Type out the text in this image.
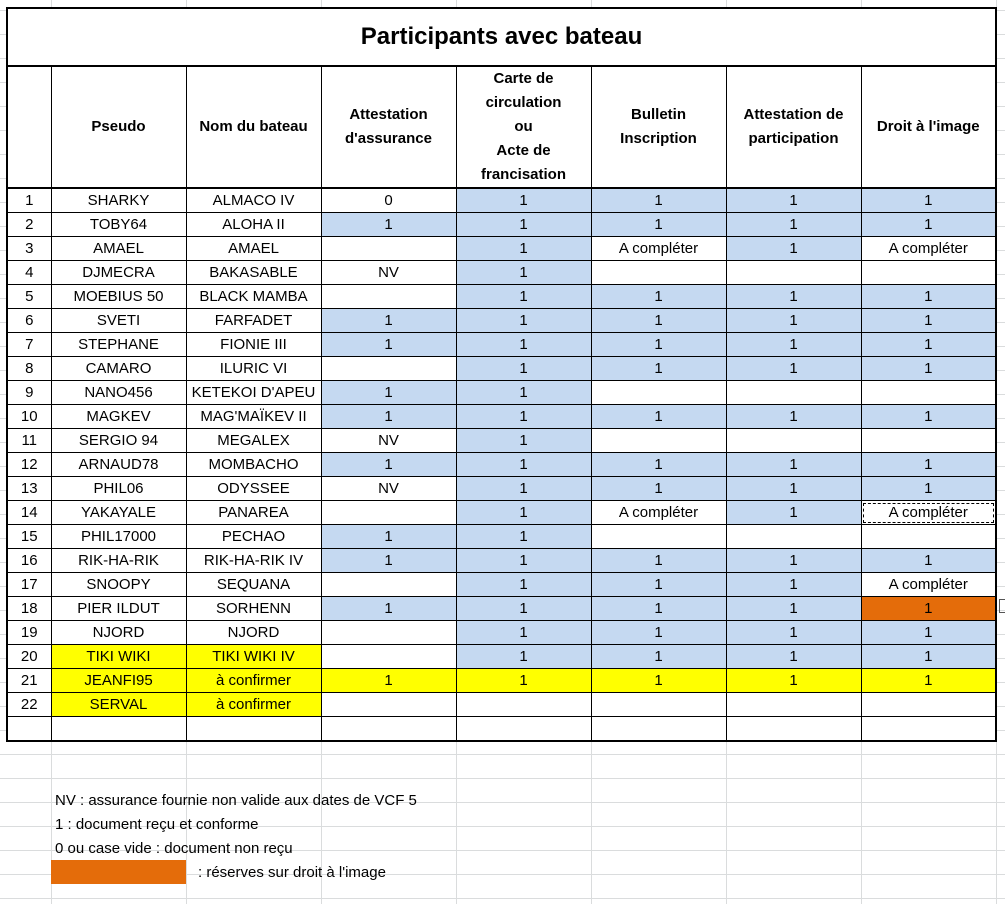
Participants avec bateau							

	Pseudo	Nom du bateau	Attestation
d'assurance	Carte de
circulation
ou
Acte de
francisation	Bulletin
Inscription	Attestation de
participation	Droit à l'image

1	SHARKY	ALMACO IV	0	1	1	1	1
2	TOBY64	ALOHA II	1	1	1	1	1
3	AMAEL	AMAEL		1	A compléter	1	A compléter
4	DJMECRA	BAKASABLE	NV	1			
5	MOEBIUS 50	BLACK MAMBA		1	1	1	1
6	SVETI	FARFADET	1	1	1	1	1
7	STEPHANE	FIONIE III	1	1	1	1	1
8	CAMARO	ILURIC VI		1	1	1	1
9	NANO456	KETEKOI D'APEU	1	1			
10	MAGKEV	MAG'MAÏKEV II	1	1	1	1	1
11	SERGIO 94	MEGALEX	NV	1			
12	ARNAUD78	MOMBACHO	1	1	1	1	1
13	PHIL06	ODYSSEE	NV	1	1	1	1
14	YAKAYALE	PANAREA		1	A compléter	1	A compléter
15	PHIL17000	PECHAO	1	1			
16	RIK-HA-RIK	RIK-HA-RIK IV	1	1	1	1	1
17	SNOOPY	SEQUANA		1	1	1	A compléter
18	PIER ILDUT	SORHENN	1	1	1	1	1
19	NJORD	NJORD		1	1	1	1
20	TIKI WIKI	TIKI WIKI IV		1	1	1	1
21	JEANFI95	à confirmer	1	1	1	1	1
22	SERVAL	à confirmer					

NV : assurance fournie non valide aux dates de VCF 5
1 : document reçu et conforme
0 ou case vide : document non reçu
: réserves sur droit à l'image
